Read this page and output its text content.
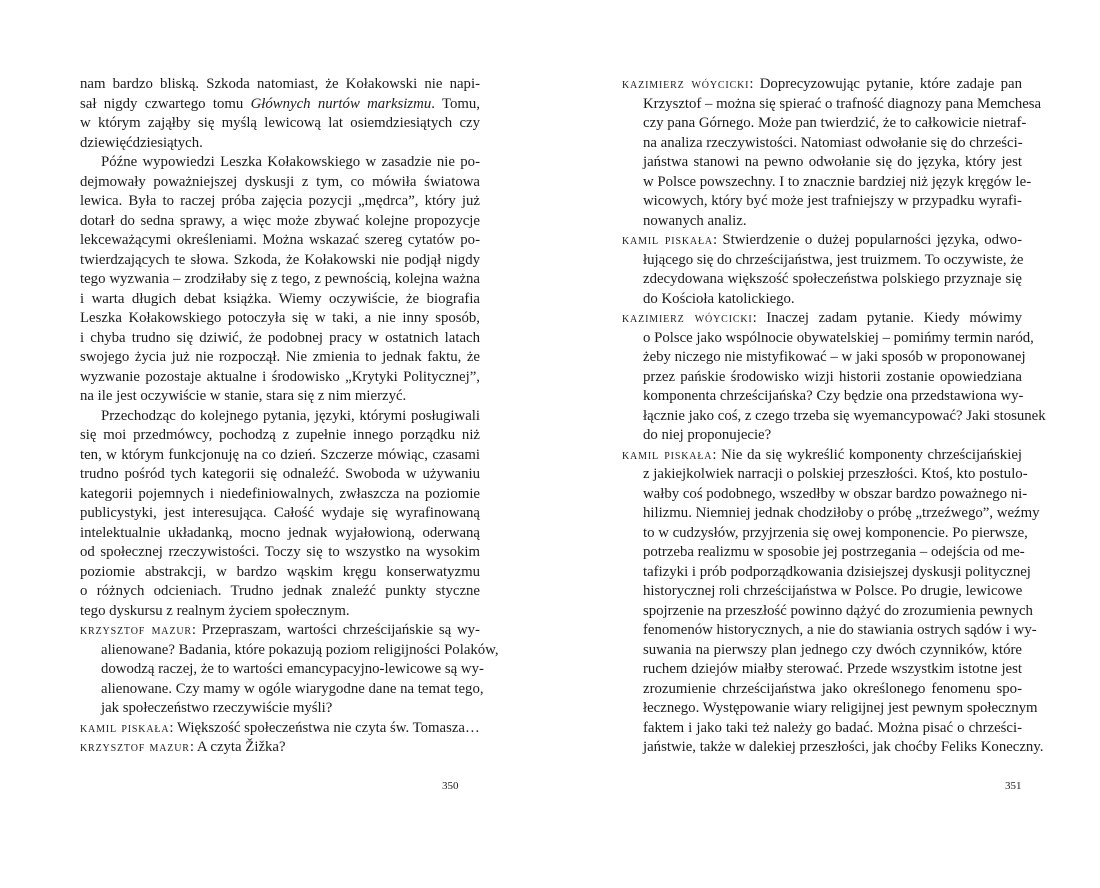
nam bardzo bliską. Szkoda natomiast, że Kołakowski nie napi-
sał nigdy czwartego tomu Głównych nurtów marksizmu. Tomu,
w którym zająłby się myślą lewicową lat osiemdziesiątych czy
dziewięćdziesiątych.
Późne wypowiedzi Leszka Kołakowskiego w zasadzie nie po-
dejmowały poważniejszej dyskusji z tym, co mówiła światowa
lewica. Była to raczej próba zajęcia pozycji „mędrca”, który już
dotarł do sedna sprawy, a więc może zbywać kolejne propozycje
lekceważącymi określeniami. Można wskazać szereg cytatów po-
twierdzających te słowa. Szkoda, że Kołakowski nie podjął nigdy
tego wyzwania – zrodziłaby się z tego, z pewnością, kolejna ważna
i warta długich debat książka. Wiemy oczywiście, że biografia
Leszka Kołakowskiego potoczyła się w taki, a nie inny sposób,
i chyba trudno się dziwić, że podobnej pracy w ostatnich latach
swojego życia już nie rozpoczął. Nie zmienia to jednak faktu, że
wyzwanie pozostaje aktualne i środowisko „Krytyki Politycznej”,
na ile jest oczywiście w stanie, stara się z nim mierzyć.
Przechodząc do kolejnego pytania, języki, którymi posługiwali
się moi przedmówcy, pochodzą z zupełnie innego porządku niż
ten, w którym funkcjonuję na co dzień. Szczerze mówiąc, czasami
trudno pośród tych kategorii się odnaleźć. Swoboda w używaniu
kategorii pojemnych i niedefiniowalnych, zwłaszcza na poziomie
publicystyki, jest interesująca. Całość wydaje się wyrafinowaną
intelektualnie układanką, mocno jednak wyjałowioną, oderwaną
od społecznej rzeczywistości. Toczy się to wszystko na wysokim
poziomie abstrakcji, w bardzo wąskim kręgu konserwatyzmu
o różnych odcieniach. Trudno jednak znaleźć punkty styczne
tego dyskursu z realnym życiem społecznym.
krzysztof mazur: Przepraszam, wartości chrześcijańskie są wy-
alienowane? Badania, które pokazują poziom religijności Polaków,
dowodzą raczej, że to wartości emancypacyjno-lewicowe są wy-
alienowane. Czy mamy w ogóle wiarygodne dane na temat tego,
jak społeczeństwo rzeczywiście myśli?
kamil piskała: Większość społeczeństwa nie czyta św. Tomasza…
krzysztof mazur: A czyta Žižka?
350
kazimierz wóycicki: Doprecyzowując pytanie, które zadaje pan
Krzysztof – można się spierać o trafność diagnozy pana Memchesa
czy pana Górnego. Może pan twierdzić, że to całkowicie nietraf-
na analiza rzeczywistości. Natomiast odwołanie się do chrześci-
jaństwa stanowi na pewno odwołanie się do języka, który jest
w Polsce powszechny. I to znacznie bardziej niż język kręgów le-
wicowych, który być może jest trafniejszy w przypadku wyrafi-
nowanych analiz.
kamil piskała: Stwierdzenie o dużej popularności języka, odwo-
łującego się do chrześcijaństwa, jest truizmem. To oczywiste, że
zdecydowana większość społeczeństwa polskiego przyznaje się
do Kościoła katolickiego.
kazimierz wóycicki: Inaczej zadam pytanie. Kiedy mówimy
o Polsce jako wspólnocie obywatelskiej – pomińmy termin naród,
żeby niczego nie mistyfikować – w jaki sposób w proponowanej
przez pańskie środowisko wizji historii zostanie opowiedziana
komponenta chrześcijańska? Czy będzie ona przedstawiona wy-
łącznie jako coś, z czego trzeba się wyemancypować? Jaki stosunek
do niej proponujecie?
kamil piskała: Nie da się wykreślić komponenty chrześcijańskiej
z jakiejkolwiek narracji o polskiej przeszłości. Ktoś, kto postulo-
wałby coś podobnego, wszedłby w obszar bardzo poważnego ni-
hilizmu. Niemniej jednak chodziłoby o próbę „trzeźwego”, weźmy
to w cudzysłów, przyjrzenia się owej komponencie. Po pierwsze,
potrzeba realizmu w sposobie jej postrzegania – odejścia od me-
tafizyki i prób podporządkowania dzisiejszej dyskusji politycznej
historycznej roli chrześcijaństwa w Polsce. Po drugie, lewicowe
spojrzenie na przeszłość powinno dążyć do zrozumienia pewnych
fenomenów historycznych, a nie do stawiania ostrych sądów i wy-
suwania na pierwszy plan jednego czy dwóch czynników, które
ruchem dziejów miałby sterować. Przede wszystkim istotne jest
zrozumienie chrześcijaństwa jako określonego fenomenu spo-
łecznego. Występowanie wiary religijnej jest pewnym społecznym
faktem i jako taki też należy go badać. Można pisać o chrześci-
jaństwie, także w dalekiej przeszłości, jak choćby Feliks Koneczny.
351
